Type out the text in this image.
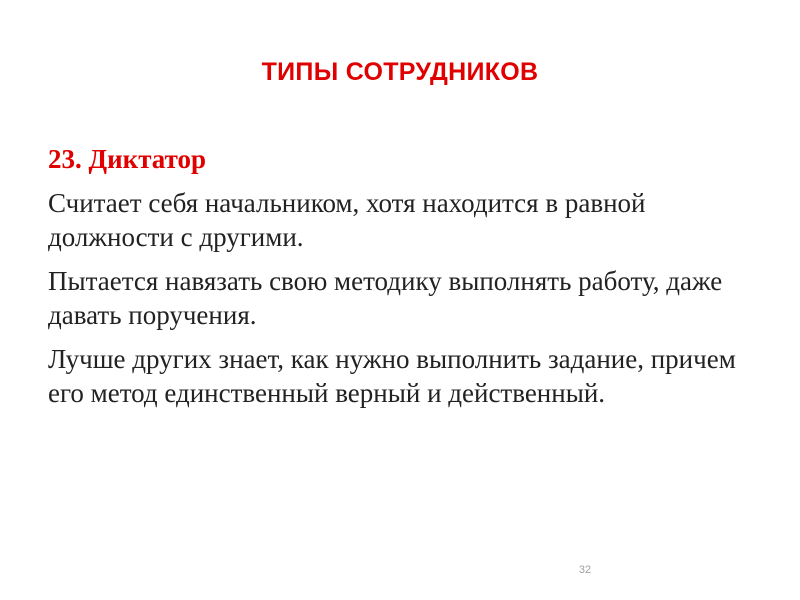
ТИПЫ СОТРУДНИКОВ
23. Диктатор

Считает себя начальником, хотя находится в равной должности с другими.

Пытается навязать свою методику выполнять работу, даже давать поручения.

Лучше других знает, как нужно выполнить задание, причем его метод единственный верный и действенный.

32
